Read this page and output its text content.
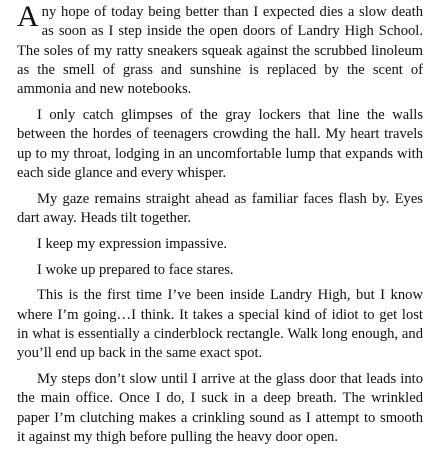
Any hope of today being better than I expected dies a slow death as soon as I step inside the open doors of Landry High School. The soles of my ratty sneakers squeak against the scrubbed linoleum as the smell of grass and sunshine is replaced by the scent of ammonia and new notebooks.

I only catch glimpses of the gray lockers that line the walls between the hordes of teenagers crowding the hall. My heart travels up to my throat, lodging in an uncomfortable lump that expands with each side glance and every whisper.

My gaze remains straight ahead as familiar faces flash by. Eyes dart away. Heads tilt together.

I keep my expression impassive.

I woke up prepared to face stares.

This is the first time I’ve been inside Landry High, but I know where I’m going…I think. It takes a special kind of idiot to get lost in what is essentially a cinderblock rectangle. Walk long enough, and you’ll end up back in the same exact spot.

My steps don’t slow until I arrive at the glass door that leads into the main office. Once I do, I suck in a deep breath. The wrinkled paper I’m clutching makes a crinkling sound as I attempt to smooth it against my thigh before pulling the heavy door open.
